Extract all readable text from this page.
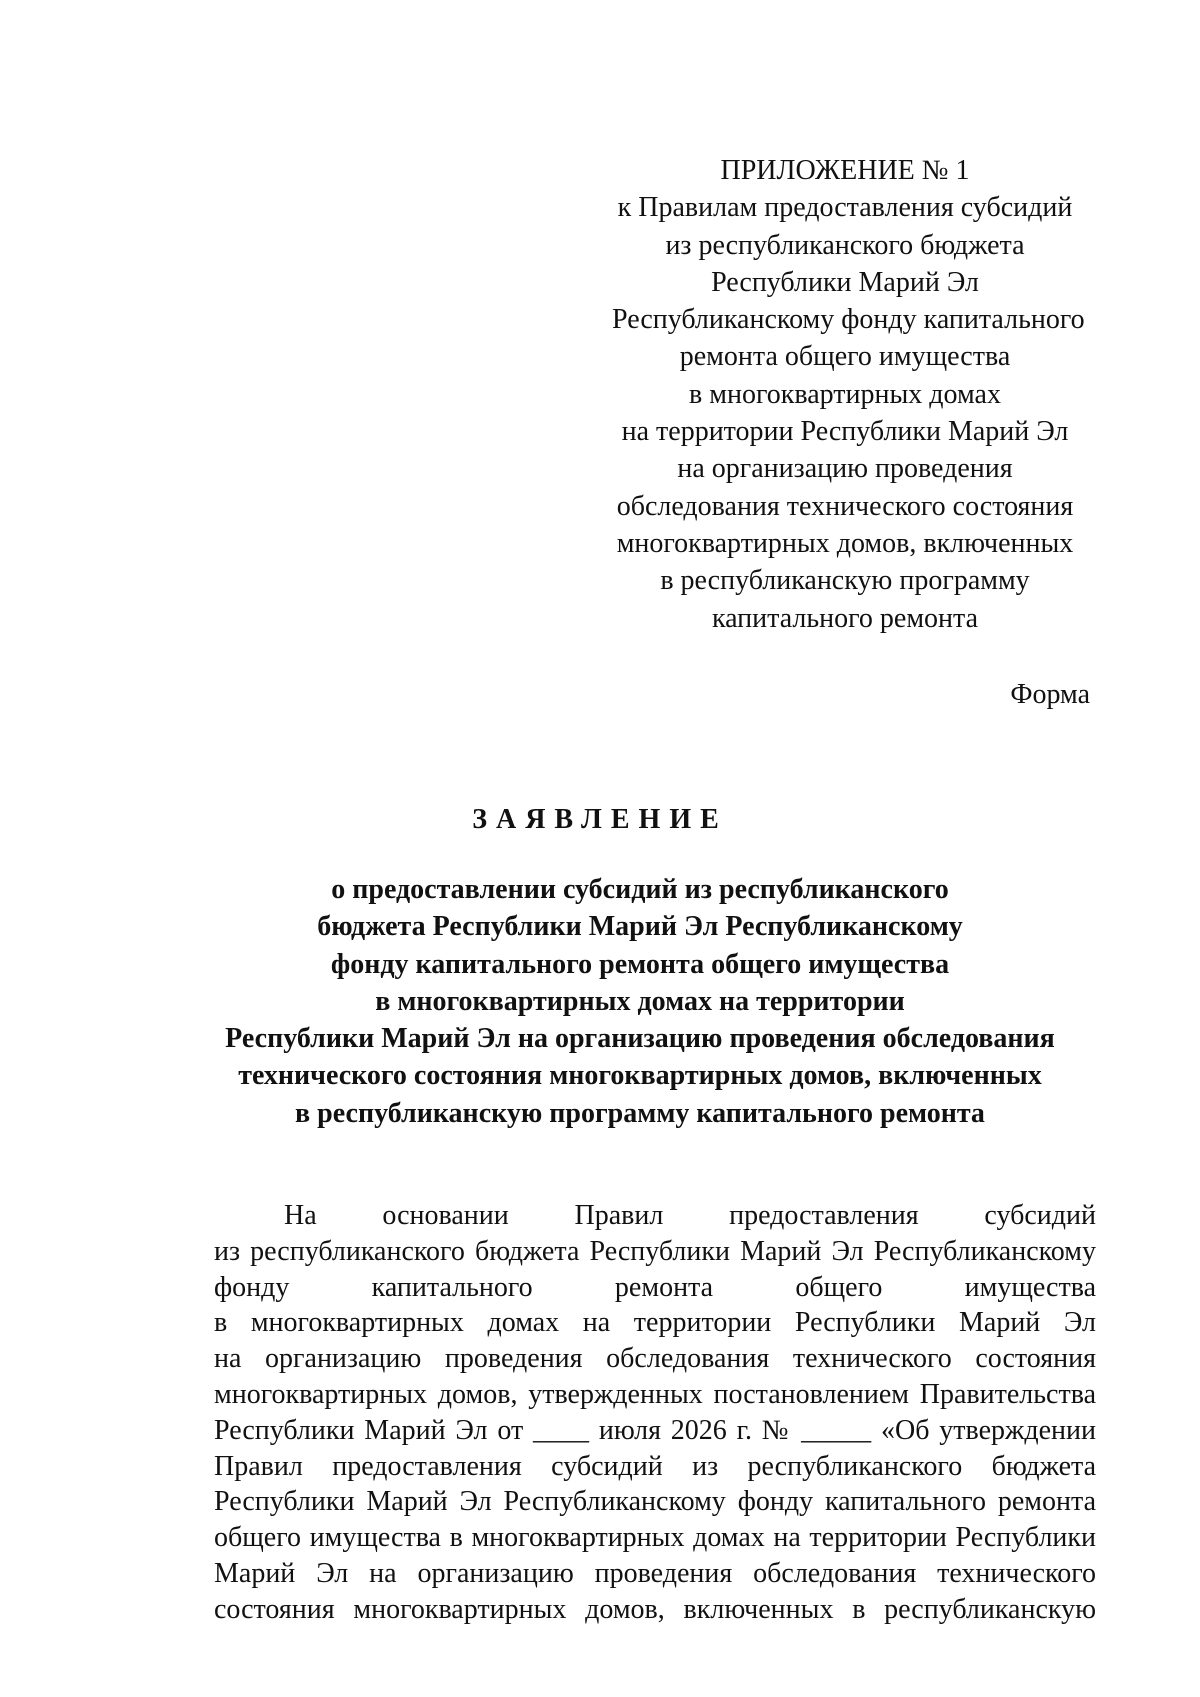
ПРИЛОЖЕНИЕ № 1
к Правилам предоставления субсидий
из республиканского бюджета
Республики Марий Эл
Республиканскому фонду капитального
ремонта общего имущества
в многоквартирных домах
на территории Республики Марий Эл
на организацию проведения
обследования технического состояния
многоквартирных домов, включенных
в республиканскую программу
капитального ремонта
Форма
ЗАЯВЛЕНИЕ
о предоставлении субсидий из республиканского
бюджета Республики Марий Эл Республиканскому
фонду капитального ремонта общего имущества
в многоквартирных домах на территории
Республики Марий Эл на организацию проведения обследования
технического состояния многоквартирных домов, включенных
в республиканскую программу капитального ремонта
На основании Правил предоставления субсидий
из республиканского бюджета Республики Марий Эл Республиканскому
фонду капитального ремонта общего имущества
в многоквартирных домах на территории Республики Марий Эл
на организацию проведения обследования технического состояния
многоквартирных домов, утвержденных постановлением Правительства
Республики Марий Эл от ____ июля 2026 г. № _____ «Об утверждении
Правил предоставления субсидий из республиканского бюджета
Республики Марий Эл Республиканскому фонду капитального ремонта
общего имущества в многоквартирных домах на территории Республики
Марий Эл на организацию проведения обследования технического
состояния многоквартирных домов, включенных в республиканскую
